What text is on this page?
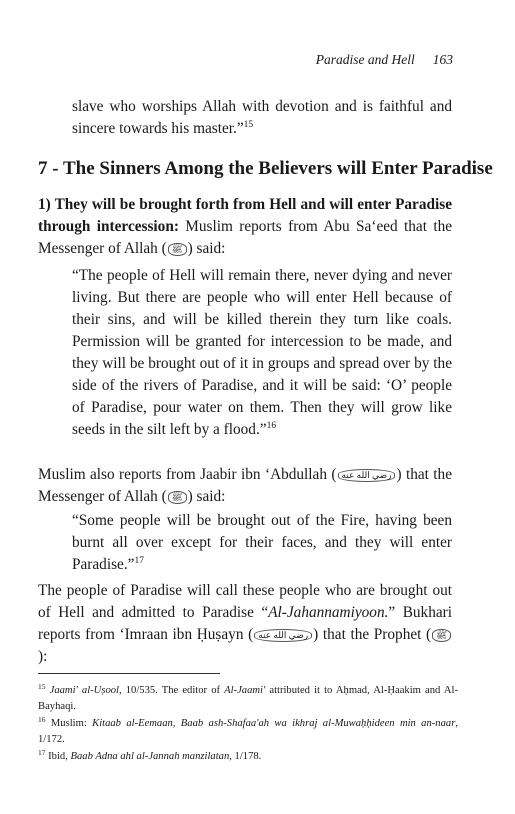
Paradise and Hell 163
slave who worships Allah with devotion and is faithful and sincere towards his master.”$^{15}$
7 - The Sinners Among the Believers will Enter Paradise
1) They will be brought forth from Hell and will enter Paradise through intercession: Muslim reports from Abu Sa‘eed that the Messenger of Allah ( ﷺ ) said:
“The people of Hell will remain there, never dying and never living. But there are people who will enter Hell because of their sins, and will be killed therein they turn like coals. Permission will be granted for intercession to be made, and they will be brought out of it in groups and spread over by the side of the rivers of Paradise, and it will be said: ‘O’ people of Paradise, pour water on them. Then they will grow like seeds in the silt left by a flood.”$^{16}$
Muslim also reports from Jaabir ibn ‘Abdullah ( رضي الله عنه ) that the Messenger of Allah ( ﷺ ) said:
“Some people will be brought out of the Fire, having been burnt all over except for their faces, and they will enter Paradise.”$^{17}$
The people of Paradise will call these people who are brought out of Hell and admitted to Paradise “Al-Jahannamiyoon.” Bukhari reports from ‘Imraan ibn Ḥuṣayn ( رضي الله عنه ) that the Prophet ( ﷺ):
$^{15}$ Jaami' al-Uṣool, 10/535. The editor of Al-Jaami' attributed it to Aḥmad, Al-Ḥaakim and Al-Bayhaqi.
$^{16}$ Muslim: Kitaab al-Eemaan, Baab ash-Shafaa'ah wa ikhraj al-Muwaḥḥideen min an-naar, 1/172.
$^{17}$ Ibid, Baab Adna ahl al-Jannah manzilatan, 1/178.
